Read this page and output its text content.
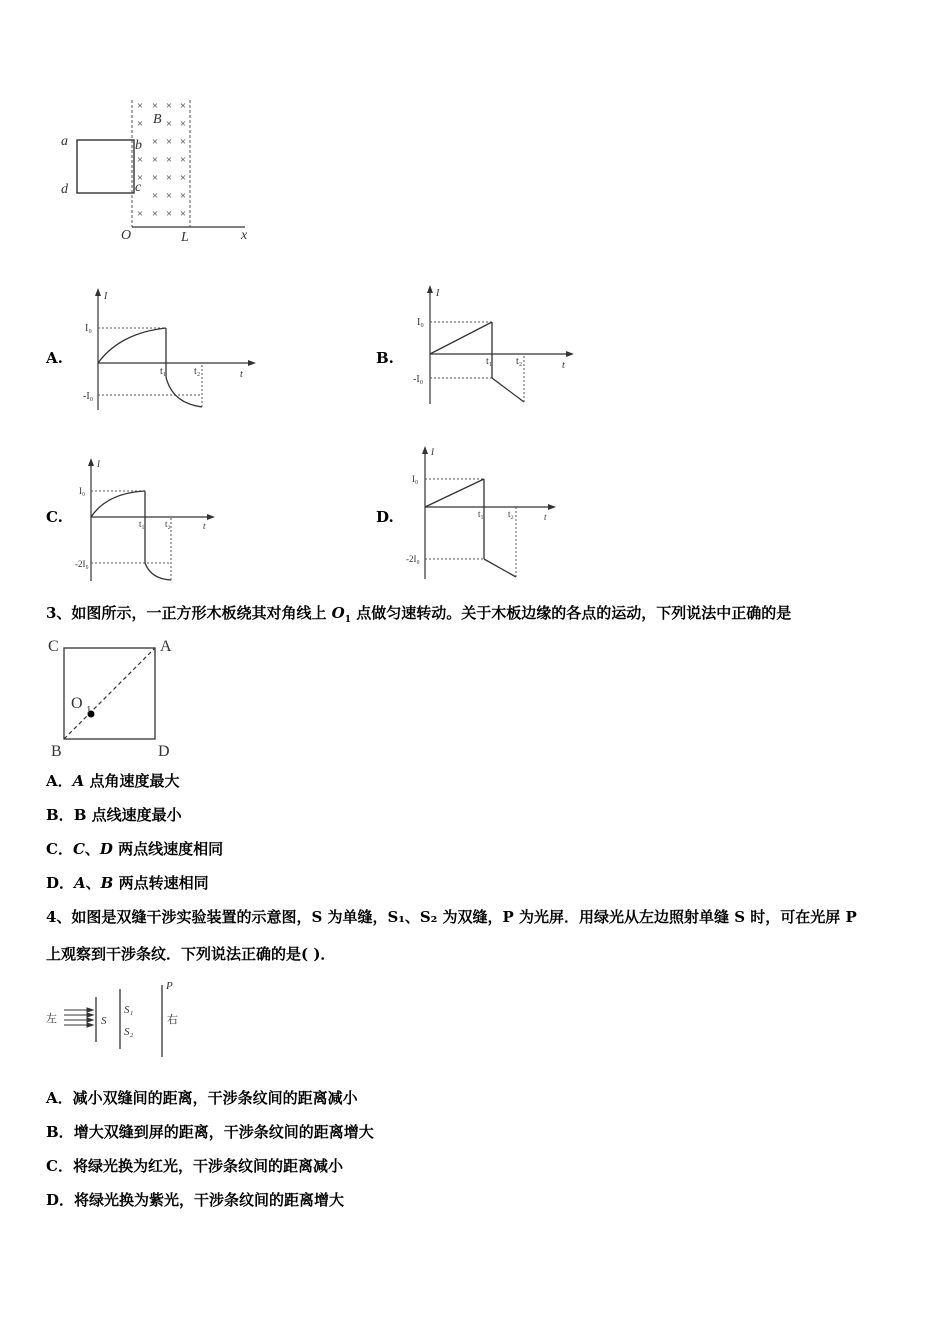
× × × ×
× × ×
× × ×
× × × ×
× × × ×
× × ×
× × × ×
a
d
b
c
B
O	L	x
A.
I
t
I₀
-I₀
t₁	t₂
B.
I
t
I₀
-I₀
t₁ t₂
C.
I
t
I₀
-2I₀
t₁ t₂	D.
I
t
I₀
-2I₀
t₁	t₂
3、如图所示，一正方形木板绕其对角线上 $O_1$ 点做匀速转动。关于木板边缘的各点的运动，下列说法中正确的是
C	A
B	D
O 1
A．A 点角速度最大
B．B 点线速度最小
C．C、D 两点线速度相同
D．A、B 两点转速相同
4、如图是双缝干涉实验装置的示意图，S 为单缝，S₁、S₂ 为双缝，P 为光屏．用绿光从左边照射单缝 S 时，可在光屏 P
上观察到干涉条纹．下列说法正确的是( )．
左	S
S₁
S₂
P
右
A．减小双缝间的距离，干涉条纹间的距离减小
B．增大双缝到屏的距离，干涉条纹间的距离增大
C．将绿光换为红光，干涉条纹间的距离减小
D．将绿光换为紫光，干涉条纹间的距离增大
